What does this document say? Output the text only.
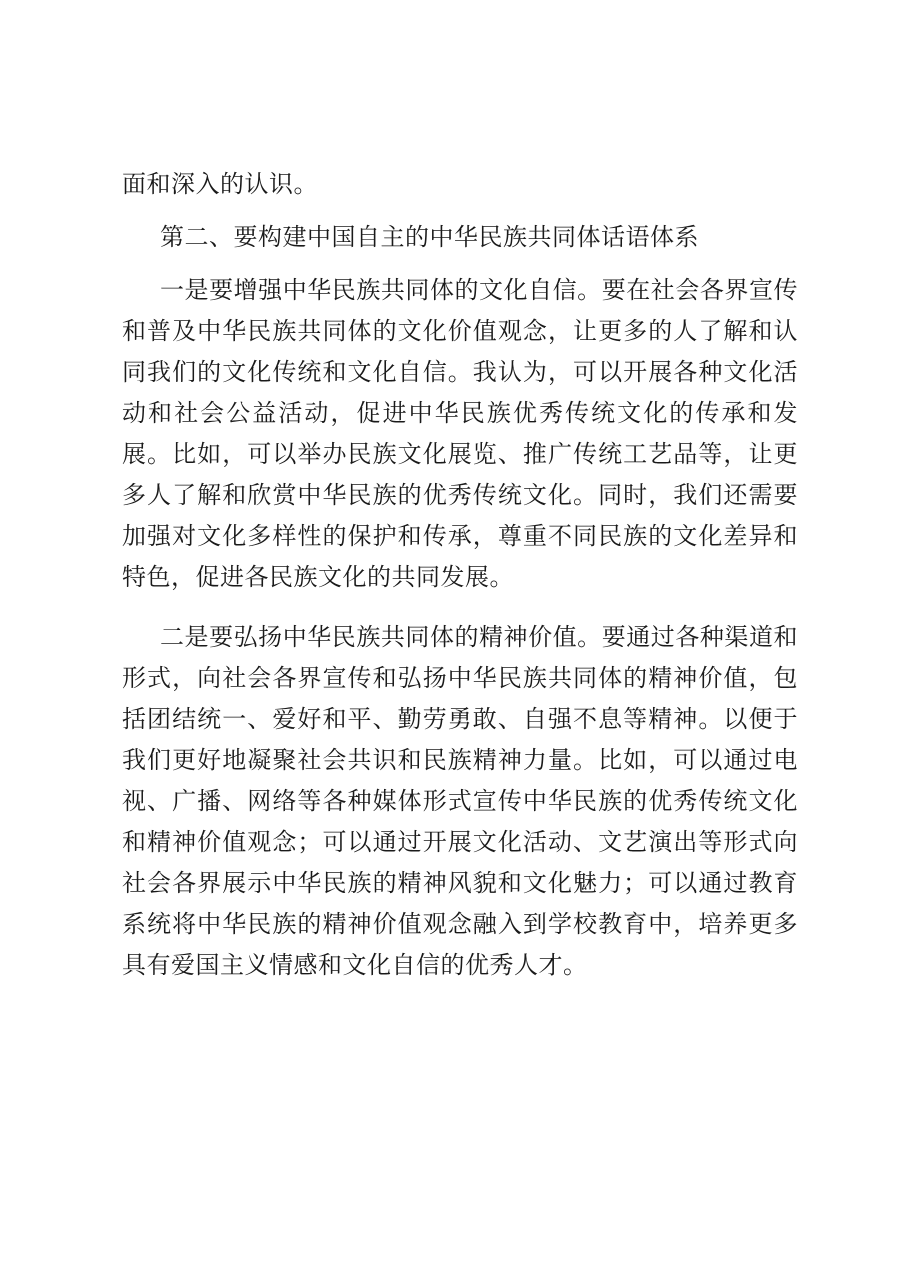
面和深入的认识。

第二、要构建中国自主的中华民族共同体话语体系

一是要增强中华民族共同体的文化自信。要在社会各界宣传和普及中华民族共同体的文化价值观念，让更多的人了解和认同我们的文化传统和文化自信。我认为，可以开展各种文化活动和社会公益活动，促进中华民族优秀传统文化的传承和发展。比如，可以举办民族文化展览、推广传统工艺品等，让更多人了解和欣赏中华民族的优秀传统文化。同时，我们还需要加强对文化多样性的保护和传承，尊重不同民族的文化差异和特色，促进各民族文化的共同发展。

二是要弘扬中华民族共同体的精神价值。要通过各种渠道和形式，向社会各界宣传和弘扬中华民族共同体的精神价值，包括团结统一、爱好和平、勤劳勇敢、自强不息等精神。以便于我们更好地凝聚社会共识和民族精神力量。比如，可以通过电视、广播、网络等各种媒体形式宣传中华民族的优秀传统文化和精神价值观念；可以通过开展文化活动、文艺演出等形式向社会各界展示中华民族的精神风貌和文化魅力；可以通过教育系统将中华民族的精神价值观念融入到学校教育中，培养更多具有爱国主义情感和文化自信的优秀人才。
